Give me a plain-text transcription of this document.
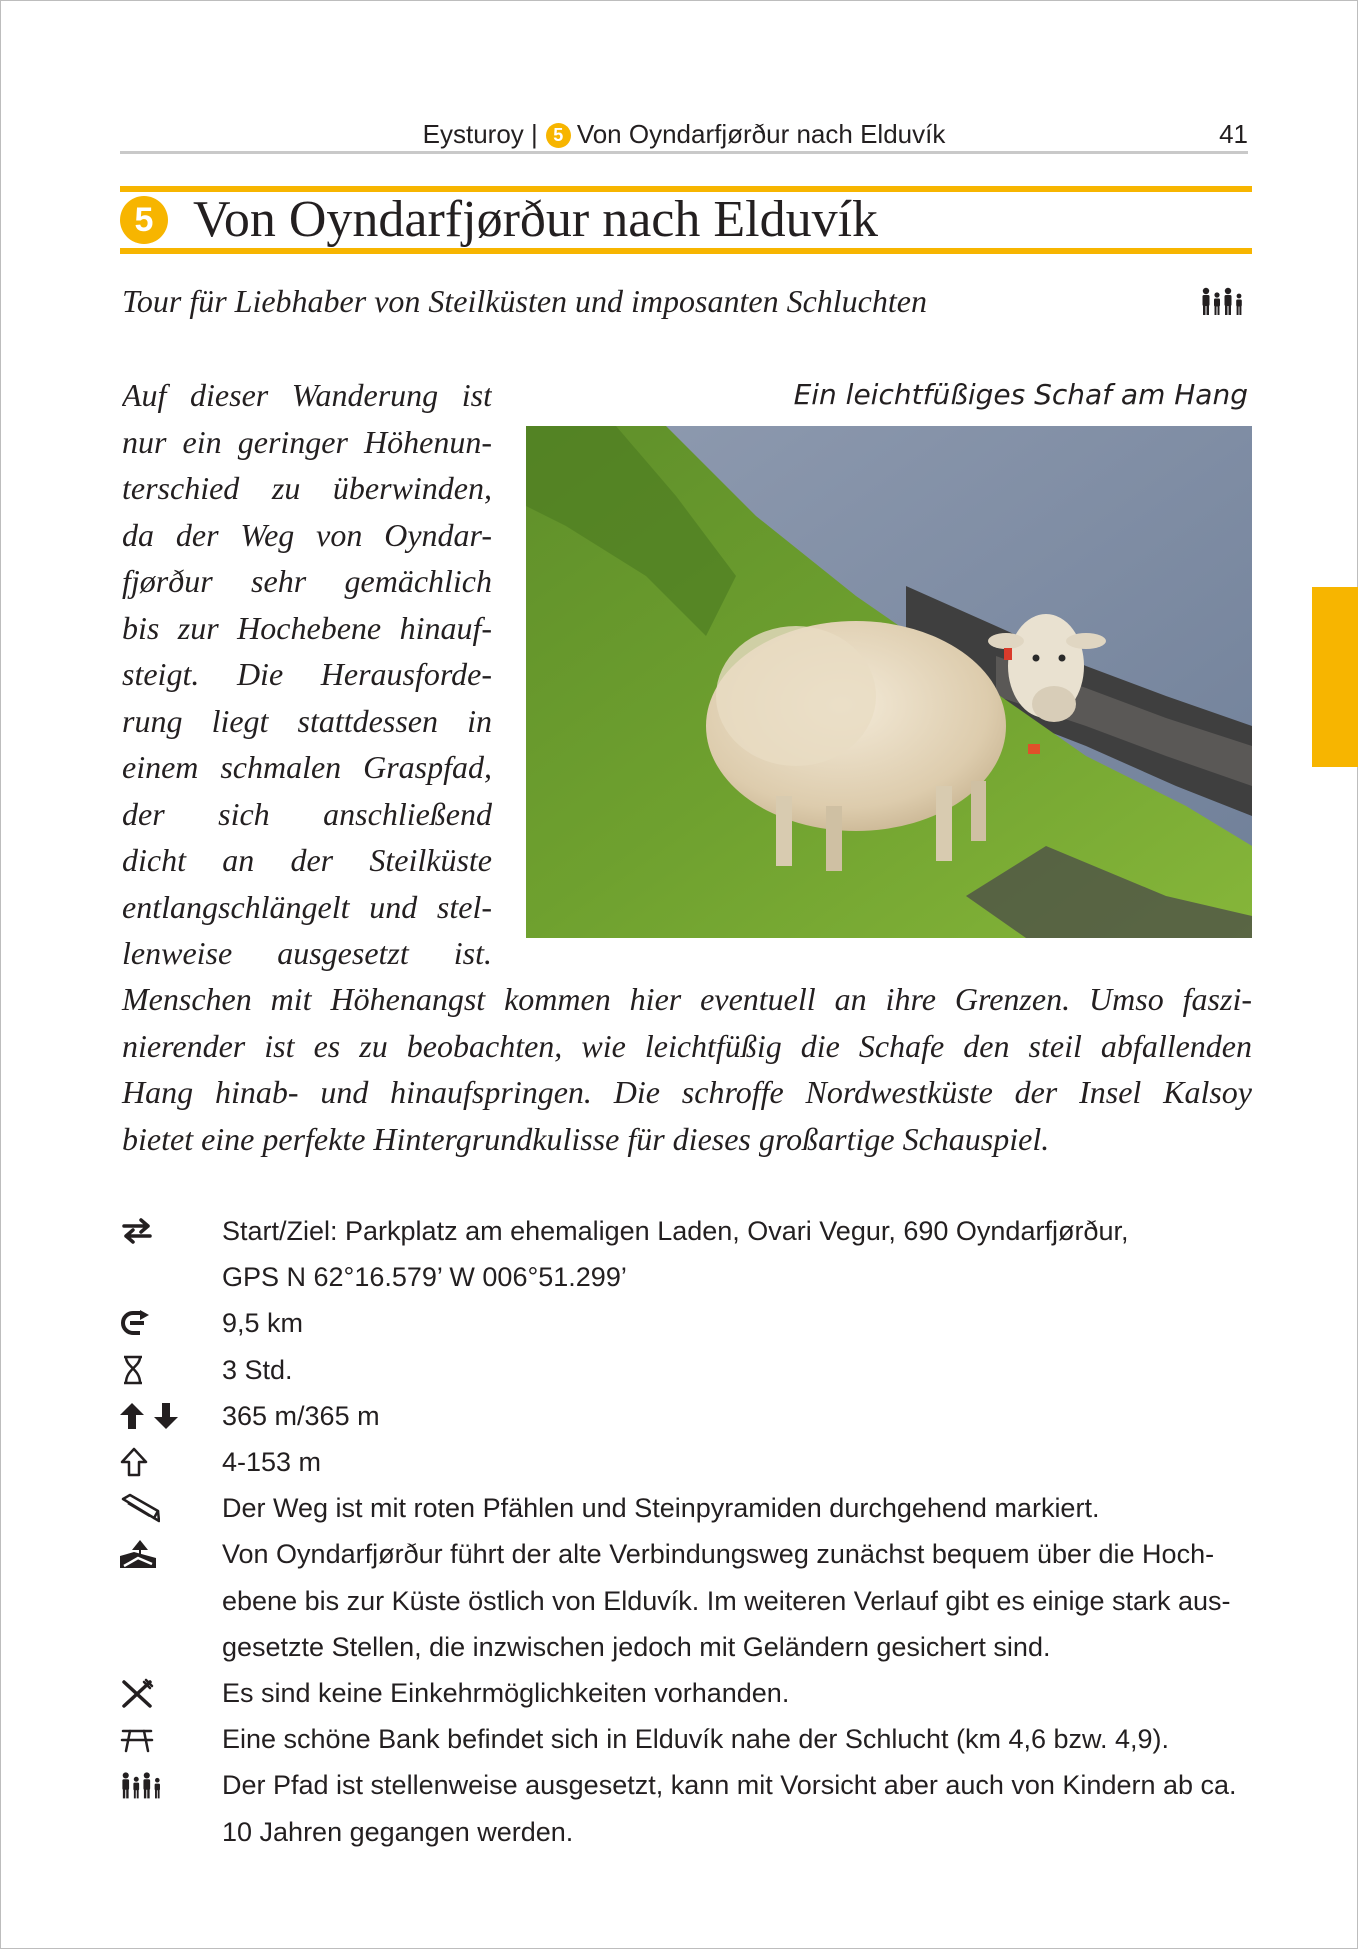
Eysturoy | 5 Von Oyndarfjørður nach Elduvík	41
5 Von Oyndarfjørður nach Elduvík
Tour für Liebhaber von Steilküsten und imposanten Schluchten
Ein leichtfüßiges Schaf am Hang
Auf dieser Wanderung ist
nur ein geringer Höhenun-
terschied zu überwinden,
da der Weg von Oyndar-
fjørður sehr gemächlich
bis zur Hochebene hinauf-
steigt. Die Herausforde-
rung liegt stattdessen in
einem schmalen Graspfad,
der sich anschließend
dicht an der Steilküste
entlangschlängelt und stel-
lenweise ausgesetzt ist.
Menschen mit Höhenangst kommen hier eventuell an ihre Grenzen. Umso faszi-
nierender ist es zu beobachten, wie leichtfüßig die Schafe den steil abfallenden
Hang hinab- und hinaufspringen. Die schroffe Nordwestküste der Insel Kalsoy
bietet eine perfekte Hintergrundkulisse für dieses großartige Schauspiel.
Start/Ziel: Parkplatz am ehemaligen Laden, Ovari Vegur, 690 Oyndarfjørður,
GPS N 62°16.579’ W 006°51.299’
9,5 km
3 Std.
365 m/365 m
4-153 m
Der Weg ist mit roten Pfählen und Steinpyramiden durchgehend markiert.
Von Oyndarfjørður führt der alte Verbindungsweg zunächst bequem über die Hoch-
ebene bis zur Küste östlich von Elduvík. Im weiteren Verlauf gibt es einige stark aus-
gesetzte Stellen, die inzwischen jedoch mit Geländern gesichert sind.
Es sind keine Einkehrmöglichkeiten vorhanden.
Eine schöne Bank befindet sich in Elduvík nahe der Schlucht (km 4,6 bzw. 4,9).
Der Pfad ist stellenweise ausgesetzt, kann mit Vorsicht aber auch von Kindern ab ca.
10 Jahren gegangen werden.
